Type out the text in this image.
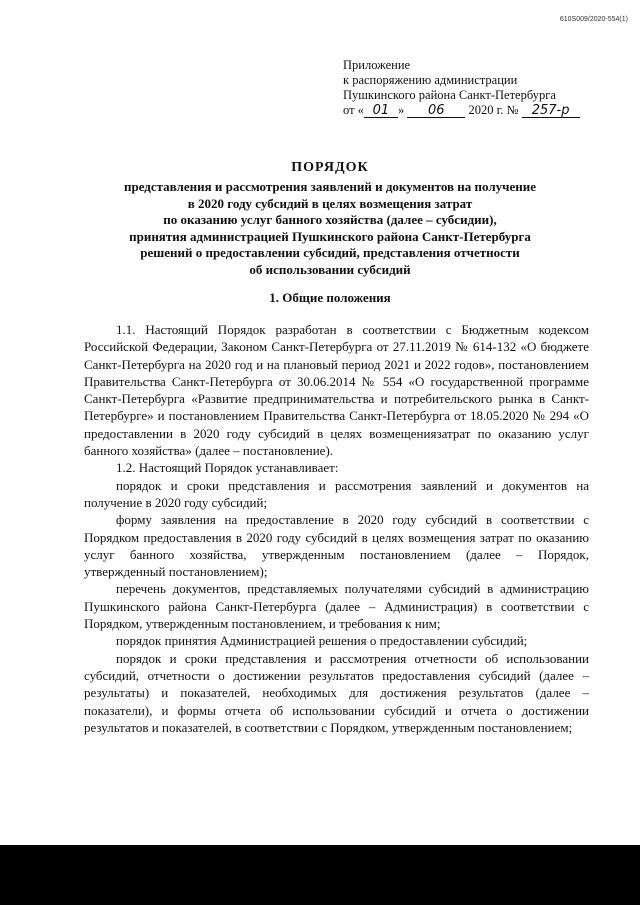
610S009/2020-554(1)
Приложение
к распоряжению администрации
Пушкинского района Санкт-Петербурга
от « 01 » 06 2020 г. № 257-р
ПОРЯДОК
представления и рассмотрения заявлений и документов на получение
в 2020 году субсидий в целях возмещения затрат
по оказанию услуг банного хозяйства (далее – субсидии),
принятия администрацией Пушкинского района Санкт-Петербурга
решений о предоставлении субсидий, представления отчетности
об использовании субсидий
1. Общие положения

1.1. Настоящий Порядок разработан в соответствии с Бюджетным кодексом Российской Федерации, Законом Санкт-Петербурга от 27.11.2019 № 614-132 «О бюджете Санкт-Петербурга на 2020 год и на плановый период 2021 и 2022 годов», постановлением Правительства Санкт-Петербурга от 30.06.2014 № 554 «О государственной программе Санкт-Петербурга «Развитие предпринимательства и потребительского рынка в Санкт-Петербурге» и постановлением Правительства Санкт-Петербурга от 18.05.2020 № 294 «О предоставлении в 2020 году субсидий в целях возмещениязатрат по оказанию услуг банного хозяйства» (далее – постановление).

1.2. Настоящий Порядок устанавливает:

порядок и сроки представления и рассмотрения заявлений и документов на получение в 2020 году субсидий;

форму заявления на предоставление в 2020 году субсидий в соответствии с Порядком предоставления в 2020 году субсидий в целях возмещения затрат по оказанию услуг банного хозяйства, утвержденным постановлением (далее – Порядок, утвержденный постановлением);

перечень документов, представляемых получателями субсидий в администрацию Пушкинского района Санкт-Петербурга (далее – Администрация) в соответствии с Порядком, утвержденным постановлением, и требования к ним;

порядок принятия Администрацией решения о предоставлении субсидий;

порядок и сроки представления и рассмотрения отчетности об использовании субсидий, отчетности о достижении результатов предоставления субсидий (далее – результаты) и показателей, необходимых для достижения результатов (далее – показатели), и формы отчета об использовании субсидий и отчета о достижении результатов и показателей, в соответствии с Порядком, утвержденным постановлением;
